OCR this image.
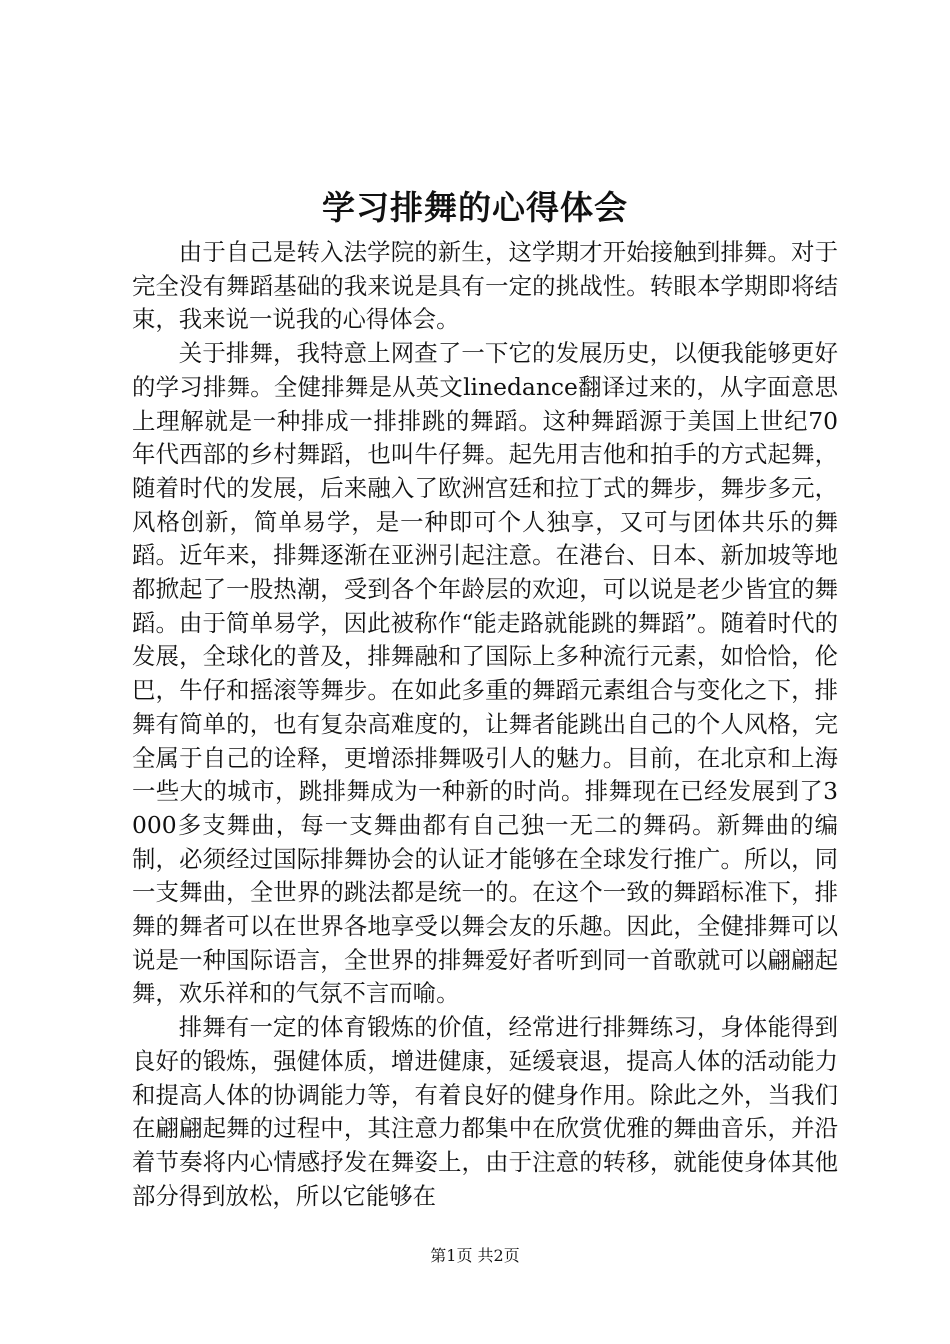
学习排舞的心得体会

由于自己是转入法学院的新生，这学期才开始接触到排舞。对于完全没有舞蹈基础的我来说是具有一定的挑战性。转眼本学期即将结束，我来说一说我的心得体会。

关于排舞，我特意上网查了一下它的发展历史，以便我能够更好的学习排舞。全健排舞是从英文linedance翻译过来的，从字面意思上理解就是一种排成一排排跳的舞蹈。这种舞蹈源于美国上世纪70年代西部的乡村舞蹈，也叫牛仔舞。起先用吉他和拍手的方式起舞，随着时代的发展，后来融入了欧洲宫廷和拉丁式的舞步，舞步多元，风格创新，简单易学，是一种即可个人独享，又可与团体共乐的舞蹈。近年来，排舞逐渐在亚洲引起注意。在港台、日本、新加坡等地都掀起了一股热潮，受到各个年龄层的欢迎，可以说是老少皆宜的舞蹈。由于简单易学，因此被称作“能走路就能跳的舞蹈”。随着时代的发展，全球化的普及，排舞融和了国际上多种流行元素，如恰恰，伦巴，牛仔和摇滚等舞步。在如此多重的舞蹈元素组合与变化之下，排舞有简单的，也有复杂高难度的，让舞者能跳出自己的个人风格，完全属于自己的诠释，更增添排舞吸引人的魅力。目前，在北京和上海一些大的城市，跳排舞成为一种新的时尚。排舞现在已经发展到了3000多支舞曲，每一支舞曲都有自己独一无二的舞码。新舞曲的编制，必须经过国际排舞协会的认证才能够在全球发行推广。所以，同一支舞曲，全世界的跳法都是统一的。在这个一致的舞蹈标准下，排舞的舞者可以在世界各地享受以舞会友的乐趣。因此，全健排舞可以说是一种国际语言，全世界的排舞爱好者听到同一首歌就可以翩翩起舞，欢乐祥和的气氛不言而喻。

排舞有一定的体育锻炼的价值，经常进行排舞练习，身体能得到良好的锻炼，强健体质，增进健康，延缓衰退，提高人体的活动能力和提高人体的协调能力等，有着良好的健身作用。除此之外，当我们在翩翩起舞的过程中，其注意力都集中在欣赏优雅的舞曲音乐，并沿着节奏将内心情感抒发在舞姿上，由于注意的转移，就能使身体其他部分得到放松，所以它能够在

第1页 共2页
